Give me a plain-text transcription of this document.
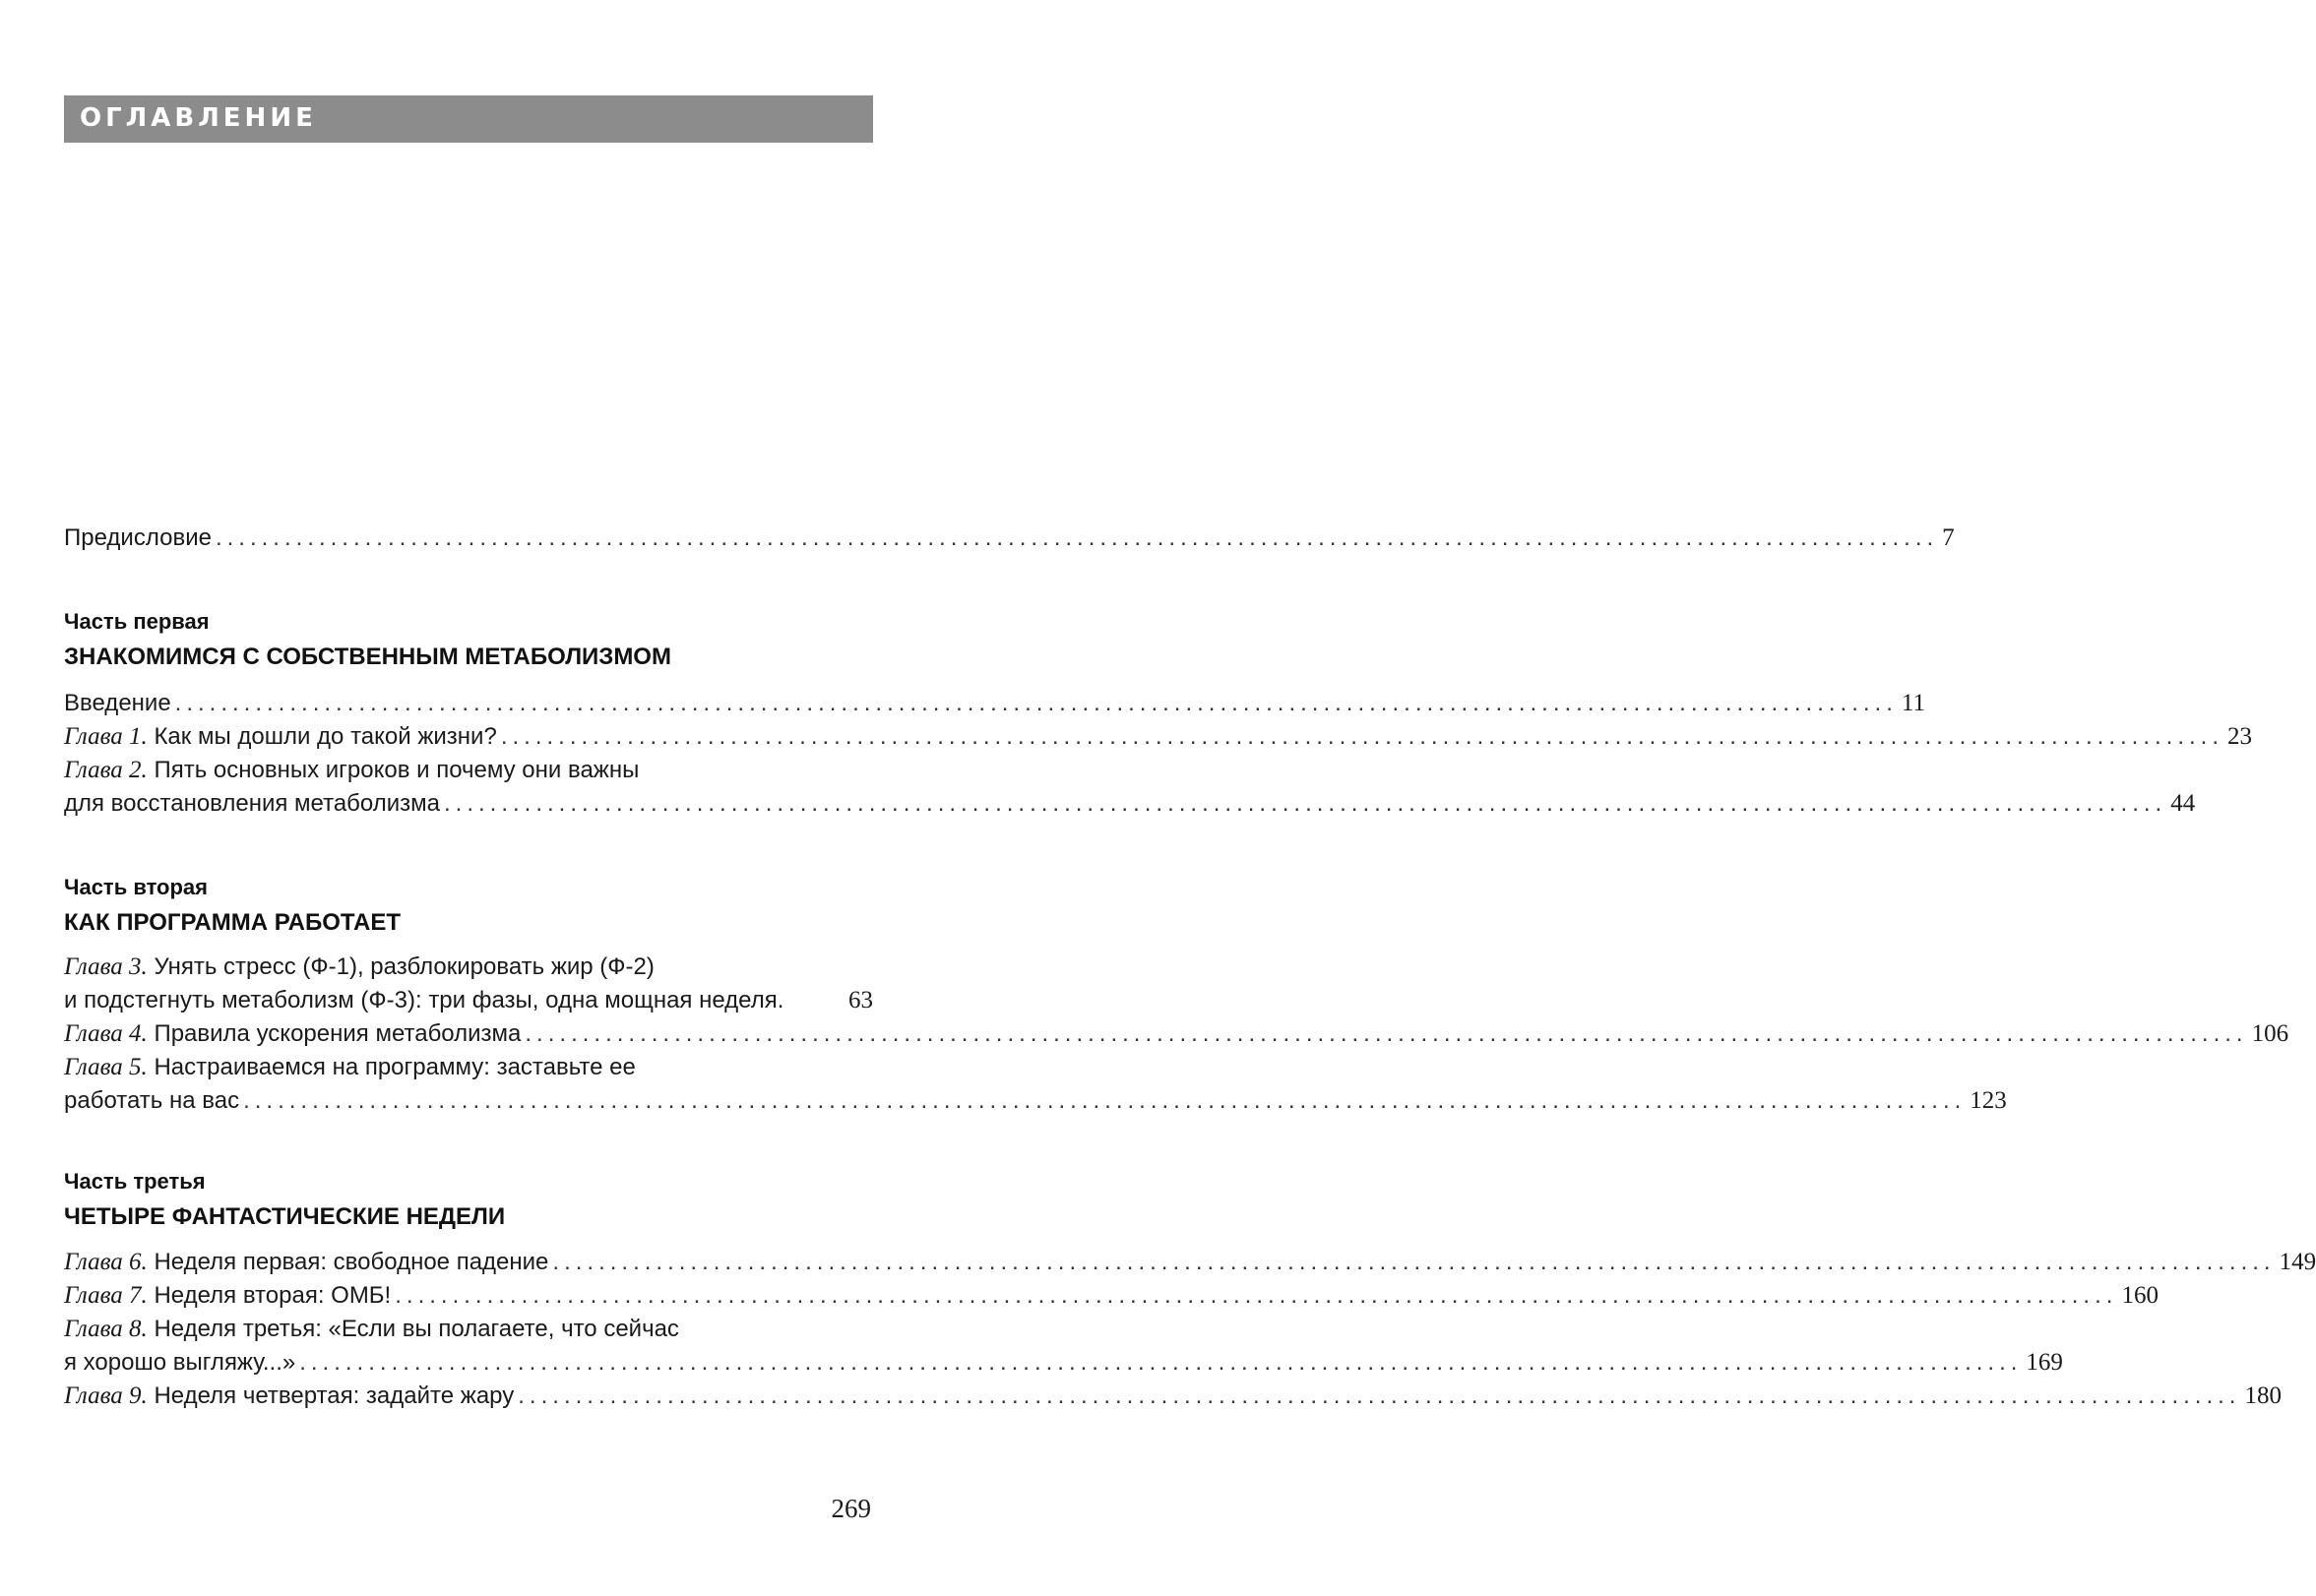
ОГЛАВЛЕНИЕ
Предисловие ...................................................................................................................................................... 7
Часть первая
ЗНАКОМИМСЯ С СОБСТВЕННЫМ МЕТАБОЛИЗМОМ
Введение ...................................................................................................................................................... 11
Глава 1. Как мы дошли до такой жизни? ...................................................................................................................................................... 23
Глава 2. Пять основных игроков и почему они важны
для восстановления метаболизма ...................................................................................................................................................... 44
Часть вторая
КАК ПРОГРАММА РАБОТАЕТ
Глава 3. Унять стресс (Ф-1), разблокировать жир (Ф-2)
и подстегнуть метаболизм (Ф-3): три фазы, одна мощная неделя.	63
Глава 4. Правила ускорения метаболизма ...................................................................................................................................................... 106
Глава 5. Настраиваемся на программу: заставьте ее
работать на вас ...................................................................................................................................................... 123
Часть третья
ЧЕТЫРЕ ФАНТАСТИЧЕСКИЕ НЕДЕЛИ
Глава 6. Неделя первая: свободное падение ...................................................................................................................................................... 149
Глава 7. Неделя вторая: ОМБ! ...................................................................................................................................................... 160
Глава 8. Неделя третья: «Если вы полагаете, что сейчас
я хорошо выгляжу...» ...................................................................................................................................................... 169
Глава 9. Неделя четвертая: задайте жару ...................................................................................................................................................... 180
269
